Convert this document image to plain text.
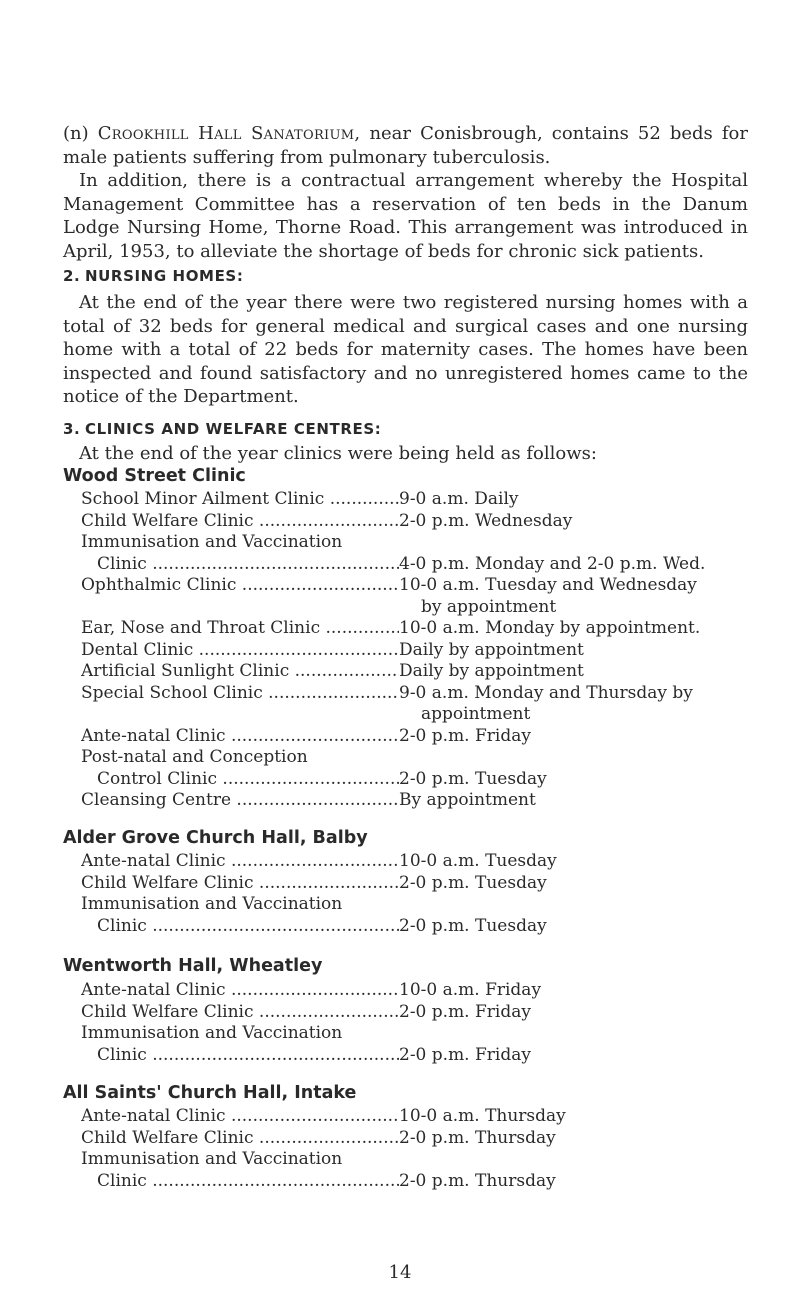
(n) Crookhill Hall Sanatorium, near Conisbrough, contains 52 beds for male patients suffering from pulmonary tuberculosis.

In addition, there is a contractual arrangement whereby the Hospital Management Committee has a reservation of ten beds in the Danum Lodge Nursing Home, Thorne Road. This arrangement was introduced in April, 1953, to alleviate the shortage of beds for chronic sick patients.

2. NURSING HOMES:

At the end of the year there were two registered nursing homes with a total of 32 beds for general medical and surgical cases and one nursing home with a total of 22 beds for maternity cases. The homes have been inspected and found satisfactory and no unregistered homes came to the notice of the Department.

3. CLINICS AND WELFARE CENTRES:

At the end of the year clinics were being held as follows:

Wood Street Clinic

School Minor Ailment Clinic .....	9-0 a.m. Daily
Child Welfare Clinic .....	2-0 p.m. Wednesday
Immunisation and Vaccination
Clinic .....	4-0 p.m. Monday and 2-0 p.m. Wed.
Ophthalmic Clinic .....	10-0 a.m. Tuesday and Wednesday
by appointment

Ear, Nose and Throat Clinic .....	10-0 a.m. Monday by appointment.
Dental Clinic .....	Daily by appointment
Artificial Sunlight Clinic .....	Daily by appointment
Special School Clinic .....	9-0 a.m. Monday and Thursday by
appointment

Ante-natal Clinic .....	2-0 p.m. Friday
Post-natal and Conception
Control Clinic .....	2-0 p.m. Tuesday
Cleansing Centre .....	By appointment

Alder Grove Church Hall, Balby

Ante-natal Clinic .....	10-0 a.m. Tuesday
Child Welfare Clinic .....	2-0 p.m. Tuesday
Immunisation and Vaccination
Clinic .....	2-0 p.m. Tuesday

Wentworth Hall, Wheatley

Ante-natal Clinic .....	10-0 a.m. Friday
Child Welfare Clinic .....	2-0 p.m. Friday
Immunisation and Vaccination
Clinic .....	2-0 p.m. Friday

All Saints' Church Hall, Intake

Ante-natal Clinic .....	10-0 a.m. Thursday
Child Welfare Clinic .....	2-0 p.m. Thursday
Immunisation and Vaccination
Clinic .....	2-0 p.m. Thursday
14
